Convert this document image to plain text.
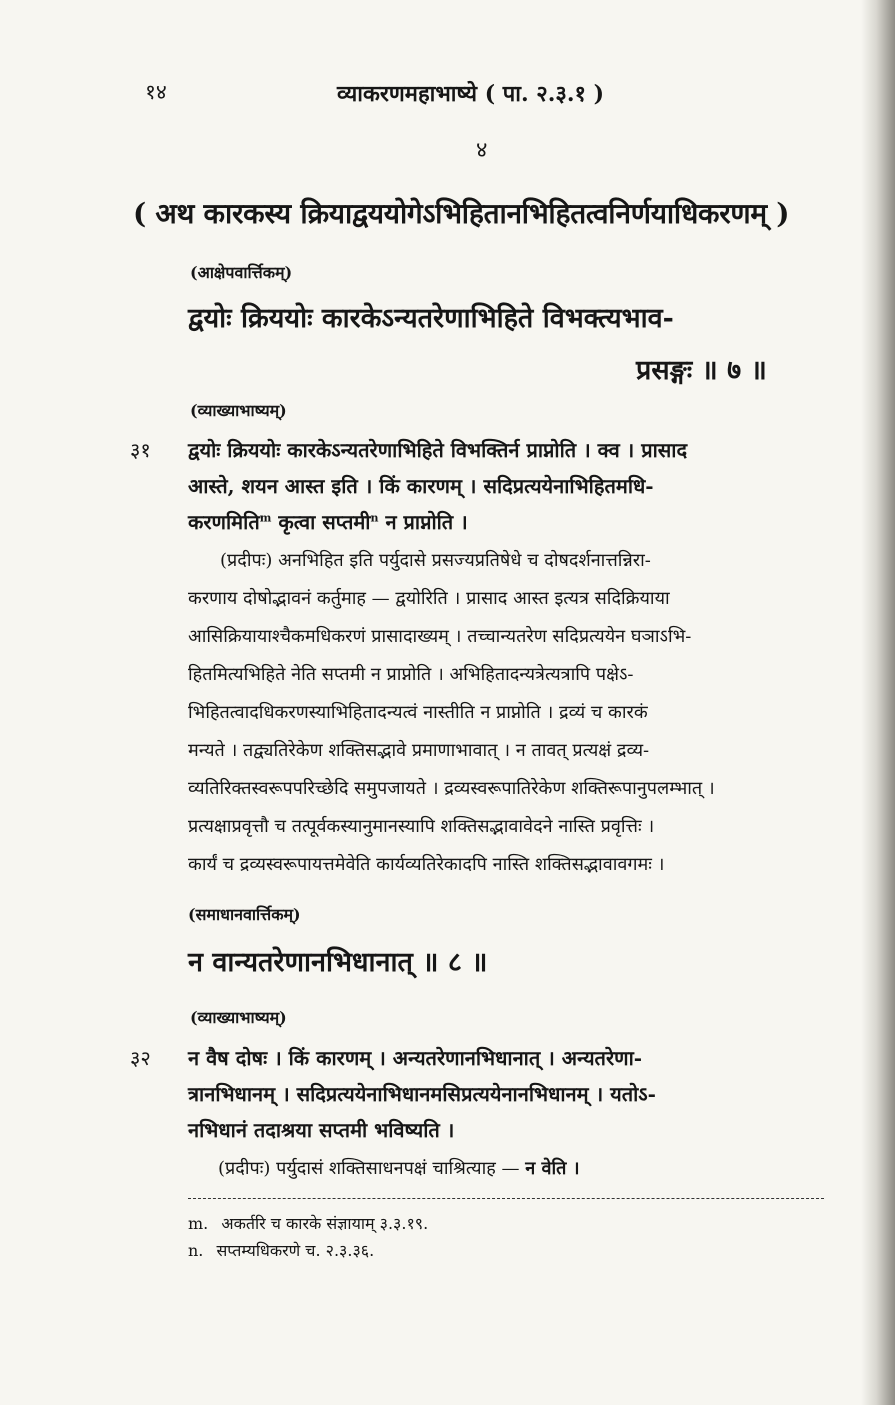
१४	व्याकरणमहाभाष्ये ( पा. २.३.१ )
४
( अथ कारकस्य क्रियाद्वययोगेऽभिहितानभिहितत्वनिर्णयाधिकरणम् )
(आक्षेपवार्त्तिकम्)
द्वयोः क्रिययोः कारकेऽन्यतरेणाभिहिते विभक्त्यभाव-
प्रसङ्गः ॥ ७ ॥
(व्याख्याभाष्यम्)
३१ द्वयोः क्रिययोः कारकेऽन्यतरेणाभिहिते विभक्तिर्न प्राप्नोति । क्व । प्रासाद
आस्ते, शयन आस्त इति । किं कारणम् । सदिप्रत्ययेनाभिहितमधि-
करणमिति$^m$ कृत्वा सप्तमी$^n$ न प्राप्नोति ।
(प्रदीपः) अनभिहित इति पर्युदासे प्रसज्यप्रतिषेधे च दोषदर्शनात्तन्निरा-
करणाय दोषोद्भावनं कर्तुमाह — द्वयोरिति । प्रासाद आस्त इत्यत्र सदिक्रियाया
आसिक्रियायाश्चैकमधिकरणं प्रासादाख्यम् । तच्चान्यतरेण सदिप्रत्ययेन घञाऽभि-
हितमित्यभिहिते नेति सप्तमी न प्राप्नोति । अभिहितादन्यत्रेत्यत्रापि पक्षेऽ-
भिहितत्वादधिकरणस्याभिहितादन्यत्वं नास्तीति न प्राप्नोति । द्रव्यं च कारकं
मन्यते । तद्व्यतिरेकेण शक्तिसद्भावे प्रमाणाभावात् । न तावत् प्रत्यक्षं द्रव्य-
व्यतिरिक्तस्वरूपपरिच्छेदि समुपजायते । द्रव्यस्वरूपातिरेकेण शक्तिरूपानुपलम्भात् ।
प्रत्यक्षाप्रवृत्तौ च तत्पूर्वकस्यानुमानस्यापि शक्तिसद्भावावेदने नास्ति प्रवृत्तिः ।
कार्यं च द्रव्यस्वरूपायत्तमेवेति कार्यव्यतिरेकादपि नास्ति शक्तिसद्भावावगमः ।
(समाधानवार्त्तिकम्)
न वान्यतरेणानभिधानात् ॥ ८ ॥
(व्याख्याभाष्यम्)
३२ न वैष दोषः । किं कारणम् । अन्यतरेणानभिधानात् । अन्यतरेणा-
त्रानभिधानम् । सदिप्रत्ययेनाभिधानमसिप्रत्ययेनानभिधानम् । यतोऽ-
नभिधानं तदाश्रया सप्तमी भविष्यति ।
(प्रदीपः) पर्युदासं शक्तिसाधनपक्षं चाश्रित्याह — न वेति ।
m. अकर्तरि च कारके संज्ञायाम् ३.३.१९.
n. सप्तम्यधिकरणे च. २.३.३६.
